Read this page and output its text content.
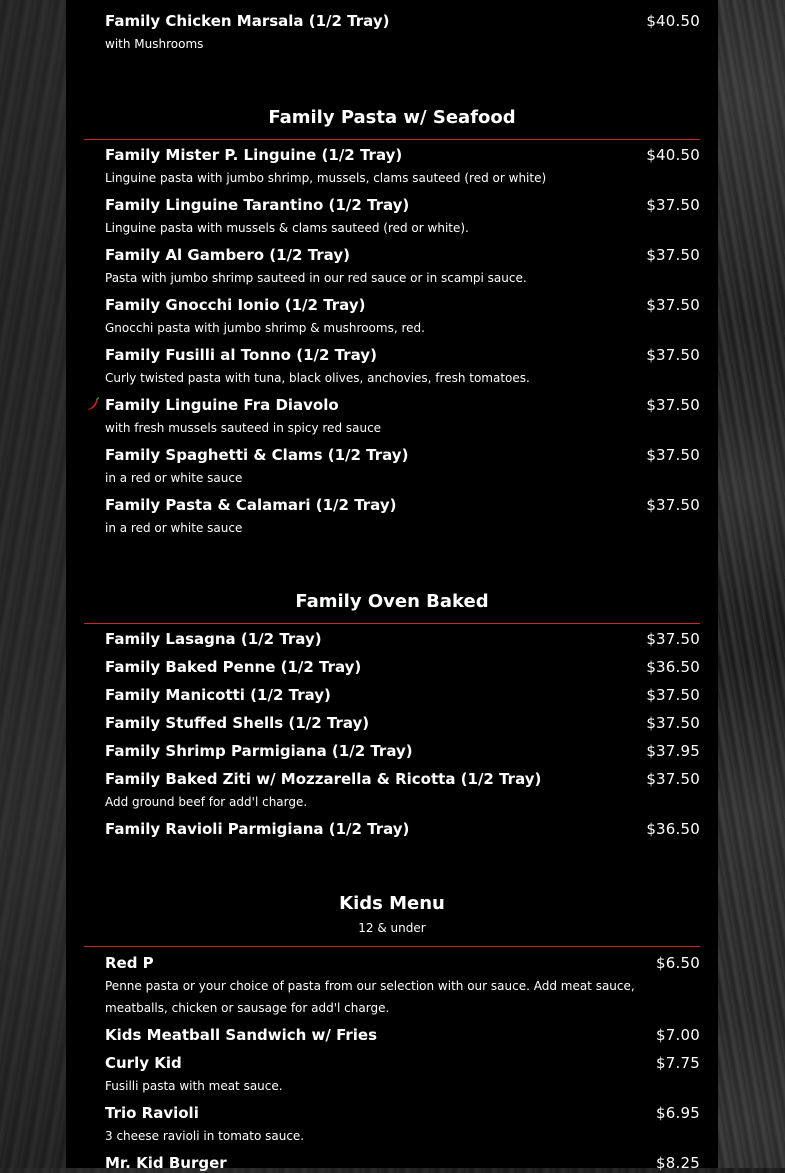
Family Chicken Marsala (1/2 Tray)	$40.50
with Mushrooms
Family Pasta w/ Seafood
Family Mister P. Linguine (1/2 Tray)	$40.50
Linguine pasta with jumbo shrimp, mussels, clams sauteed (red or white)
Family Linguine Tarantino (1/2 Tray)	$37.50
Linguine pasta with mussels & clams sauteed (red or white).
Family Al Gambero (1/2 Tray)	$37.50
Pasta with jumbo shrimp sauteed in our red sauce or in scampi sauce.
Family Gnocchi Ionio (1/2 Tray)	$37.50
Gnocchi pasta with jumbo shrimp & mushrooms, red.
Family Fusilli al Tonno (1/2 Tray)	$37.50
Curly twisted pasta with tuna, black olives, anchovies, fresh tomatoes.
Family Linguine Fra Diavolo	$37.50
with fresh mussels sauteed in spicy red sauce
Family Spaghetti & Clams (1/2 Tray)	$37.50
in a red or white sauce
Family Pasta & Calamari (1/2 Tray)	$37.50
in a red or white sauce
Family Oven Baked
Family Lasagna (1/2 Tray)	$37.50
Family Baked Penne (1/2 Tray)	$36.50
Family Manicotti (1/2 Tray)	$37.50
Family Stuffed Shells (1/2 Tray)	$37.50
Family Shrimp Parmigiana (1/2 Tray)	$37.95
Family Baked Ziti w/ Mozzarella & Ricotta (1/2 Tray)	$37.50
Add ground beef for add'l charge.
Family Ravioli Parmigiana (1/2 Tray)	$36.50
Kids Menu
12 & under
Red P	$6.50
Penne pasta or your choice of pasta from our selection with our sauce. Add meat sauce, meatballs, chicken or sausage for add'l charge.
Kids Meatball Sandwich w/ Fries	$7.00
Curly Kid	$7.75
Fusilli pasta with meat sauce.
Trio Ravioli	$6.95
3 cheese ravioli in tomato sauce.
Mr. Kid Burger	$8.25
